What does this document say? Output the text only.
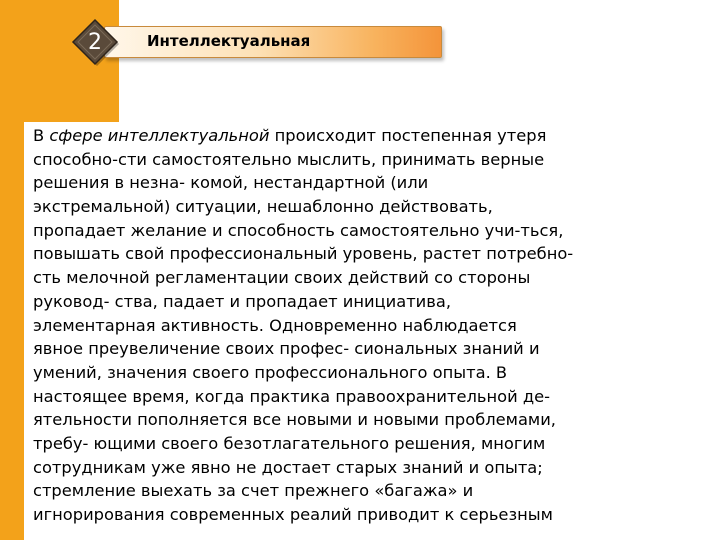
Интеллектуальная
2
В сфере интеллектуальной происходит постепенная утеря
способно-сти самостоятельно мыслить, принимать верные
решения в незна- комой, нестандартной (или
экстремальной) ситуации, нешаблонно действовать,
пропадает желание и способность самостоятельно учи-ться,
повышать свой профессиональный уровень, растет потребно-
сть мелочной регламентации своих действий со стороны
руковод- ства, падает и пропадает инициатива,
элементарная активность. Одновременно наблюдается
явное преувеличение своих профес- сиональных знаний и
умений, значения своего профессионального опыта. В
настоящее время, когда практика правоохранительной де-
ятельности пополняется все новыми и новыми проблемами,
требу- ющими своего безотлагательного решения, многим
сотрудникам уже явно не достает старых знаний и опыта;
стремление выехать за счет прежнего «багажа» и
игнорирования современных реалий приводит к серьезным
